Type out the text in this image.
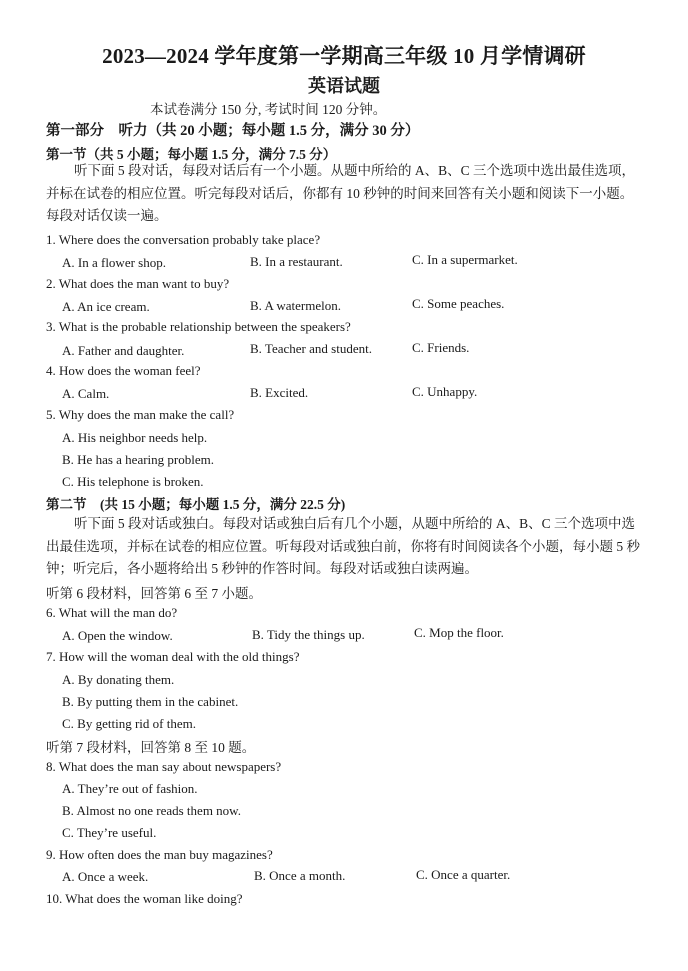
2023—2024 学年度第一学期高三年级 10 月学情调研
英语试题
本试卷满分 150 分, 考试时间 120 分钟。
第一部分　听力（共 20 小题；每小题 1.5 分，满分 30 分）
第一节（共 5 小题；每小题 1.5 分，满分 7.5 分）
听下面 5 段对话，每段对话后有一个小题。从题中所给的 A、B、C 三个选项中选出最佳选项，并标在试卷的相应位置。听完每段对话后，你都有 10 秒钟的时间来回答有关小题和阅读下一小题。每段对话仅读一遍。
1. Where does the conversation probably take place?
A. In a flower shop.	B. In a restaurant.	C. In a supermarket.
2. What does the man want to buy?
A. An ice cream.	B. A watermelon.	C. Some peaches.
3. What is the probable relationship between the speakers?
A. Father and daughter.	B. Teacher and student.	C. Friends.
4. How does the woman feel?
A. Calm.	B. Excited.	C. Unhappy.
5. Why does the man make the call?
A. His neighbor needs help.
B. He has a hearing problem.
C. His telephone is broken.
第二节　(共 15 小题；每小题 1.5 分，满分 22.5 分)
听下面 5 段对话或独白。每段对话或独白后有几个小题，从题中所给的 A、B、C 三个选项中选出最佳选项，并标在试卷的相应位置。听每段对话或独白前，你将有时间阅读各个小题，每小题 5 秒钟；听完后，各小题将给出 5 秒钟的作答时间。每段对话或独白读两遍。
听第 6 段材料，回答第 6 至 7 小题。
6. What will the man do?
A. Open the window.	B. Tidy the things up.	C. Mop the floor.
7. How will the woman deal with the old things?
A. By donating them.
B. By putting them in the cabinet.
C. By getting rid of them.
听第 7 段材料，回答第 8 至 10 题。
8. What does the man say about newspapers?
A. They’re out of fashion.
B. Almost no one reads them now.
C. They’re useful.
9. How often does the man buy magazines?
A. Once a week.	B. Once a month.	C. Once a quarter.
10. What does the woman like doing?
